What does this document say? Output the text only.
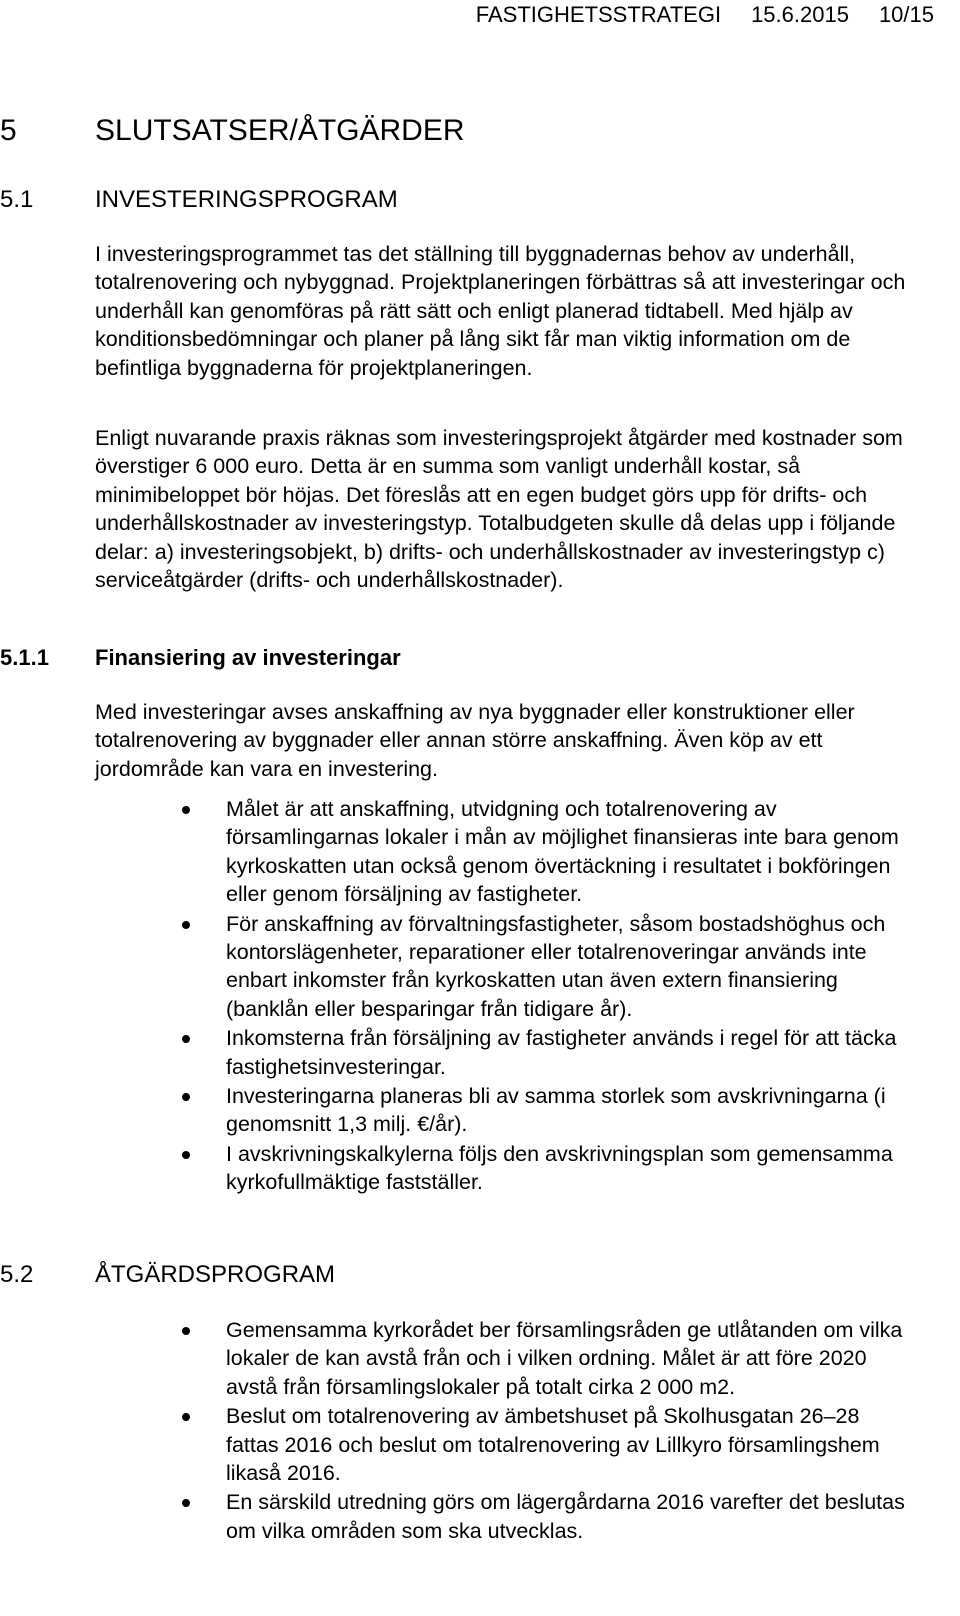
FASTIGHETSSTRATEGI 15.6.2015 10/15
5	SLUTSATSER/ÅTGÄRDER
5.1	INVESTERINGSPROGRAM

I investeringsprogrammet tas det ställning till byggnadernas behov av underhåll, totalrenovering och nybyggnad. Projektplaneringen förbättras så att investeringar och underhåll kan genomföras på rätt sätt och enligt planerad tidtabell. Med hjälp av konditionsbedömningar och planer på lång sikt får man viktig information om de befintliga byggnaderna för projektplaneringen.

Enligt nuvarande praxis räknas som investeringsprojekt åtgärder med kostnader som överstiger 6 000 euro. Detta är en summa som vanligt underhåll kostar, så minimibeloppet bör höjas. Det föreslås att en egen budget görs upp för drifts- och underhållskostnader av investeringstyp. Totalbudgeten skulle då delas upp i följande delar: a) investeringsobjekt, b) drifts- och underhållskostnader av investeringstyp c) serviceåtgärder (drifts- och underhållskostnader).

5.1.1 Finansiering av investeringar

Med investeringar avses anskaffning av nya byggnader eller konstruktioner eller totalrenovering av byggnader eller annan större anskaffning. Även köp av ett jordområde kan vara en investering.

Målet är att anskaffning, utvidgning och totalrenovering av församlingarnas lokaler i mån av möjlighet finansieras inte bara genom kyrkoskatten utan också genom övertäckning i resultatet i bokföringen eller genom försäljning av fastigheter.
För anskaffning av förvaltningsfastigheter, såsom bostadshöghus och kontorslägenheter, reparationer eller totalrenoveringar används inte enbart inkomster från kyrkoskatten utan även extern finansiering (banklån eller besparingar från tidigare år).
Inkomsterna från försäljning av fastigheter används i regel för att täcka fastighetsinvesteringar.
Investeringarna planeras bli av samma storlek som avskrivningarna (i genomsnitt 1,3 milj. €/år).
I avskrivningskalkylerna följs den avskrivningsplan som gemensamma kyrkofullmäktige fastställer.
5.2	ÅTGÄRDSPROGRAM
Gemensamma kyrkorådet ber församlingsråden ge utlåtanden om vilka lokaler de kan avstå från och i vilken ordning. Målet är att före 2020 avstå från församlingslokaler på totalt cirka 2 000 m2.
Beslut om totalrenovering av ämbetshuset på Skolhusgatan 26–28 fattas 2016 och beslut om totalrenovering av Lillkyro församlingshem likaså 2016.
En särskild utredning görs om lägergårdarna 2016 varefter det beslutas om vilka områden som ska utvecklas.
